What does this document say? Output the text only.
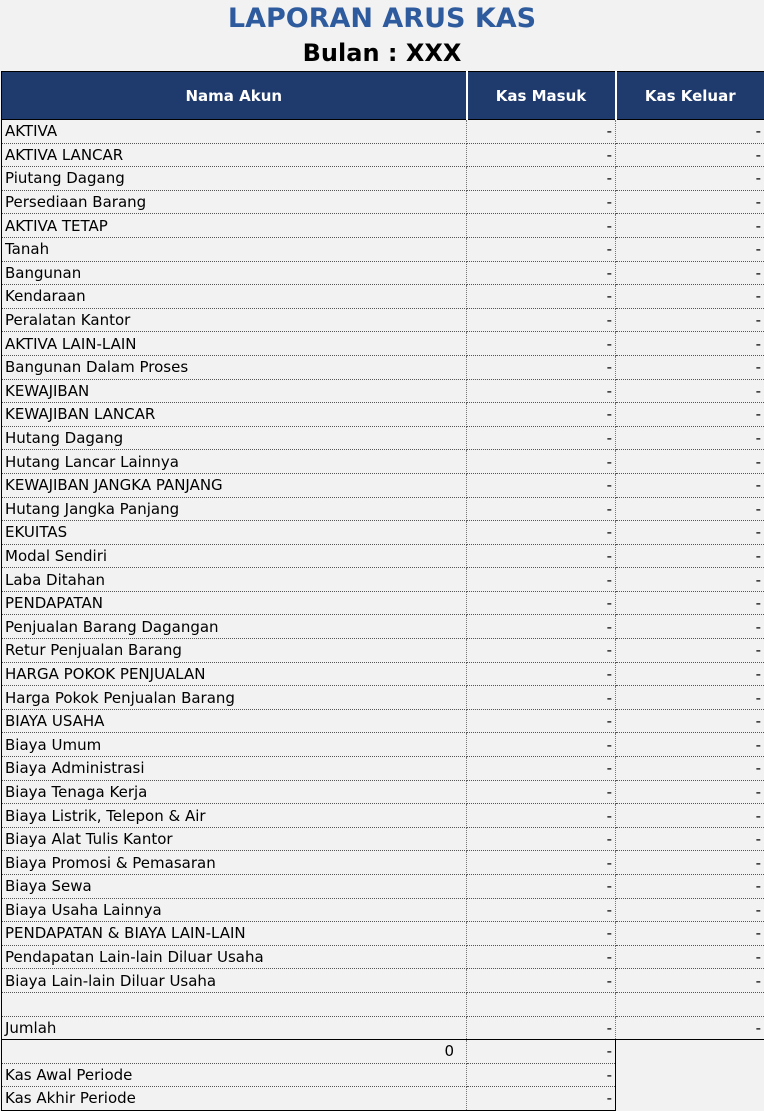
LAPORAN ARUS KAS
Bulan : XXX
Nama Akun	Kas Masuk	Kas Keluar
AKTIVA	-	-
AKTIVA LANCAR	-	-
Piutang Dagang	-	-
Persediaan Barang	-	-
AKTIVA TETAP	-	-
Tanah	-	-
Bangunan	-	-
Kendaraan	-	-
Peralatan Kantor	-	-
AKTIVA LAIN-LAIN	-	-
Bangunan Dalam Proses	-	-
KEWAJIBAN	-	-
KEWAJIBAN LANCAR	-	-
Hutang Dagang	-	-
Hutang Lancar Lainnya	-	-
KEWAJIBAN JANGKA PANJANG	-	-
Hutang Jangka Panjang	-	-
EKUITAS	-	-
Modal Sendiri	-	-
Laba Ditahan	-	-
PENDAPATAN	-	-
Penjualan Barang Dagangan	-	-
Retur Penjualan Barang	-	-
HARGA POKOK PENJUALAN	-	-
Harga Pokok Penjualan Barang	-	-
BIAYA USAHA	-	-
Biaya Umum	-	-
Biaya Administrasi	-	-
Biaya Tenaga Kerja	-	-
Biaya Listrik, Telepon & Air	-	-
Biaya Alat Tulis Kantor	-	-
Biaya Promosi & Pemasaran	-	-
Biaya Sewa	-	-
Biaya Usaha Lainnya	-	-
PENDAPATAN & BIAYA LAIN-LAIN	-	-
Pendapatan Lain-lain Diluar Usaha	-	-
Biaya Lain-lain Diluar Usaha	-	-

Jumlah	-	-
0	-
Kas Awal Periode	-
Kas Akhir Periode	-
